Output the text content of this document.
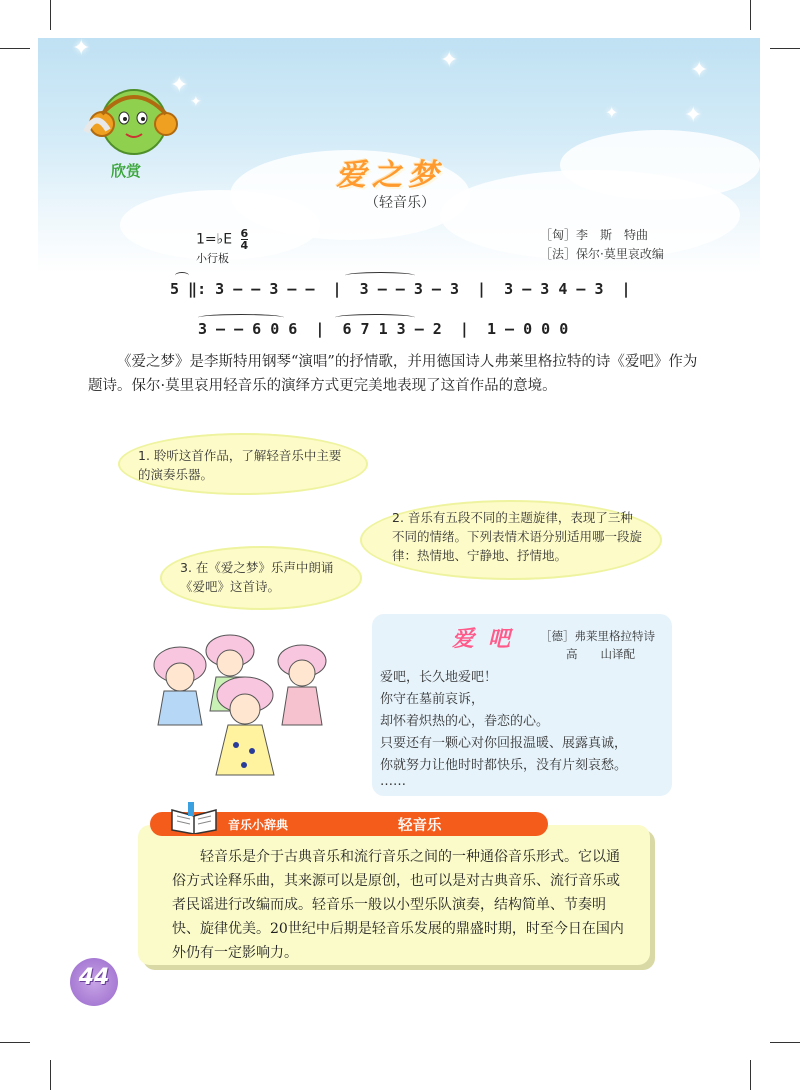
✦
✦
✦
✦
✦
✦
✦
欣赏	爱之梦
（轻音乐）
1=♭E $\frac{6}{4}$
小行板
［匈］李　斯　特曲
［法］保尔·莫里哀改编
5 ‖: 3 — — 3 — —  |  3 — — 3 — 3  |  3 — 3 4 — 3  |
3 — — 6 0 6  |  6 7 1 3 — 2  |  1 — 0 0 0
《爱之梦》是李斯特用钢琴“演唱”的抒情歌，并用德国诗人弗莱里格拉特的诗《爱吧》作为题诗。保尔·莫里哀用轻音乐的演绎方式更完美地表现了这首作品的意境。
1. 聆听这首作品，了解轻音乐中主要的演奏乐器。
2. 音乐有五段不同的主题旋律，表现了三种不同的情绪。下列表情术语分别适用哪一段旋律：热情地、宁静地、抒情地。
3. 在《爱之梦》乐声中朗诵《爱吧》这首诗。
爱吧 ［德］弗莱里格拉特诗
高　　山译配
爱吧，长久地爱吧！
你守在墓前哀诉，
却怀着炽热的心，眷恋的心。
只要还有一颗心对你回报温暖、展露真诚，
你就努力让他时时都快乐，没有片刻哀愁。
……
音乐小辞典	轻音乐
轻音乐是介于古典音乐和流行音乐之间的一种通俗音乐形式。它以通俗方式诠释乐曲，其来源可以是原创，也可以是对古典音乐、流行音乐或者民谣进行改编而成。轻音乐一般以小型乐队演奏，结构简单、节奏明快、旋律优美。20世纪中后期是轻音乐发展的鼎盛时期，时至今日在国内外仍有一定影响力。
44
